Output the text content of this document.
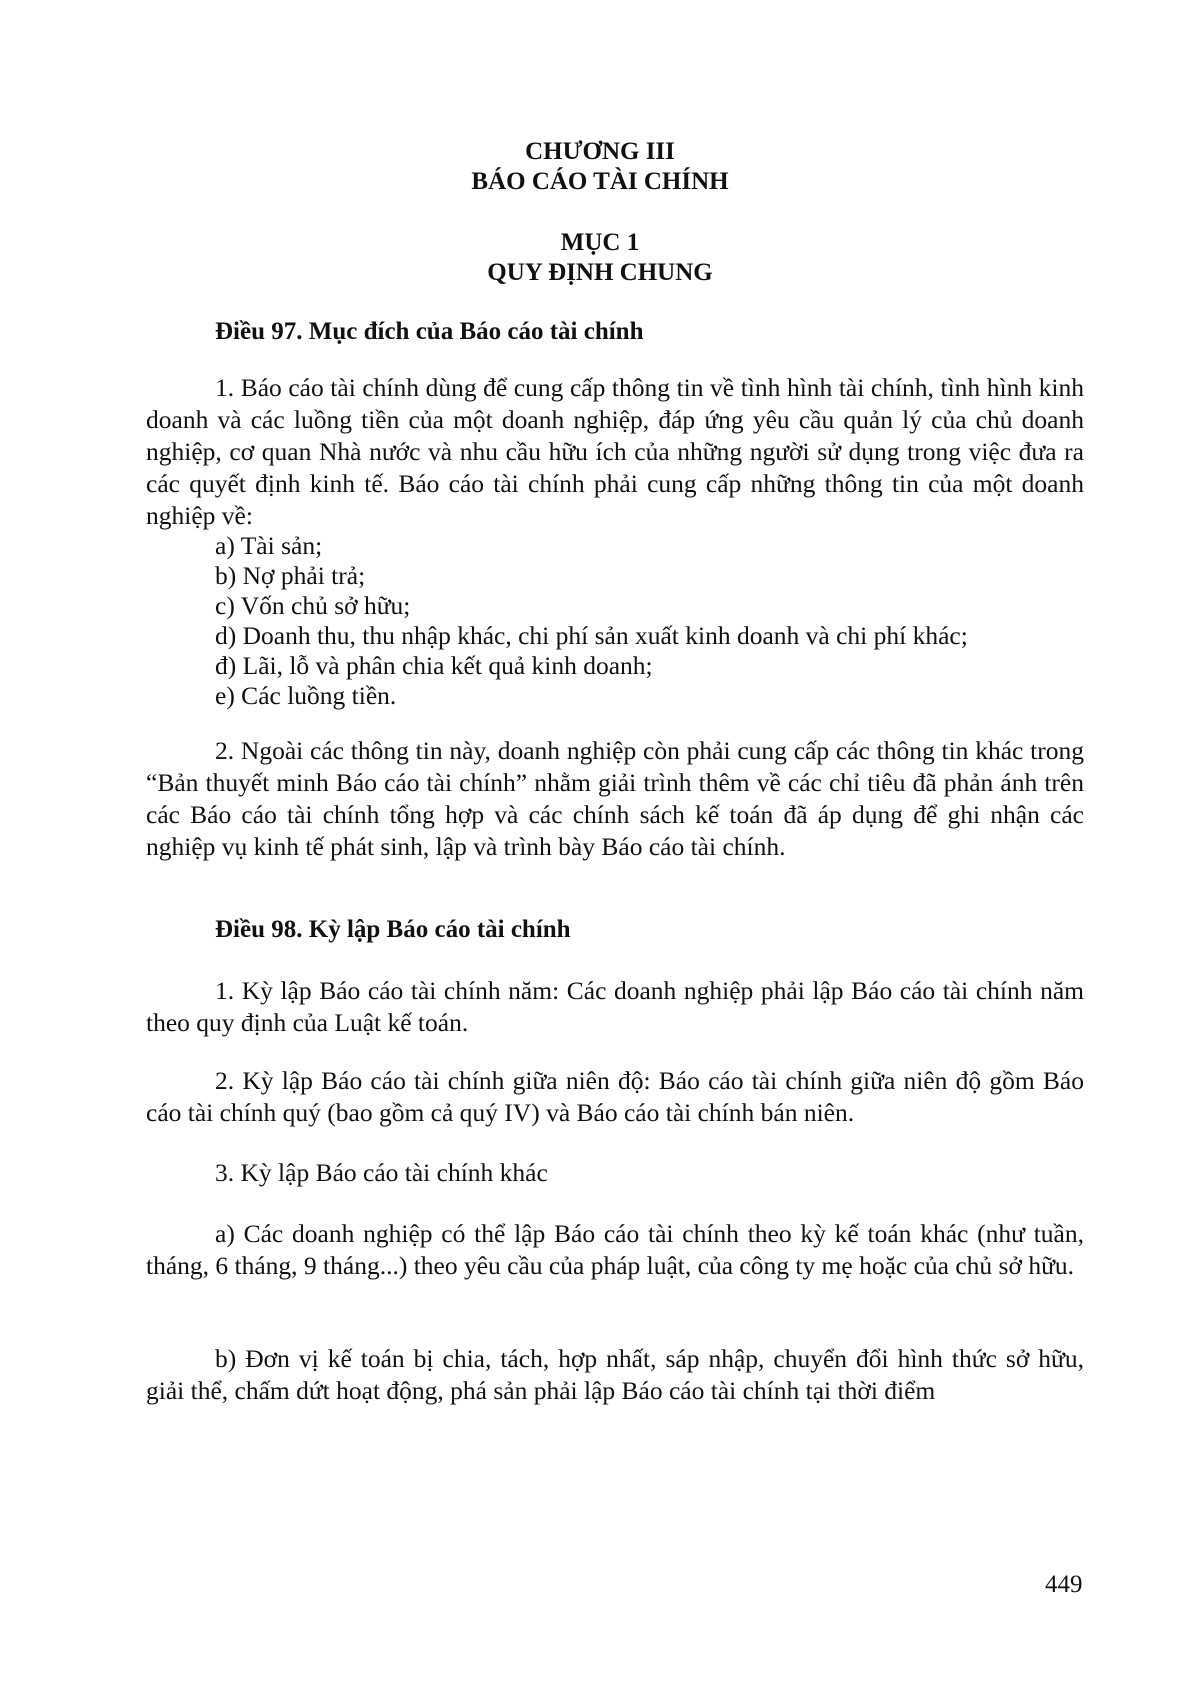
CHƯƠNG III
BÁO CÁO TÀI CHÍNH
MỤC 1
QUY ĐỊNH CHUNG
Điều 97. Mục đích của Báo cáo tài chính

1. Báo cáo tài chính dùng để cung cấp thông tin về tình hình tài chính, tình hình kinh doanh và các luồng tiền của một doanh nghiệp, đáp ứng yêu cầu quản lý của chủ doanh nghiệp, cơ quan Nhà nước và nhu cầu hữu ích của những người sử dụng trong việc đưa ra các quyết định kinh tế. Báo cáo tài chính phải cung cấp những thông tin của một doanh nghiệp về:

a) Tài sản;
b) Nợ phải trả;
c) Vốn chủ sở hữu;
d) Doanh thu, thu nhập khác, chi phí sản xuất kinh doanh và chi phí khác;
đ) Lãi, lỗ và phân chia kết quả kinh doanh;
e) Các luồng tiền.

2. Ngoài các thông tin này, doanh nghiệp còn phải cung cấp các thông tin khác trong “Bản thuyết minh Báo cáo tài chính” nhằm giải trình thêm về các chỉ tiêu đã phản ánh trên các Báo cáo tài chính tổng hợp và các chính sách kế toán đã áp dụng để ghi nhận các nghiệp vụ kinh tế phát sinh, lập và trình bày Báo cáo tài chính.

Điều 98. Kỳ lập Báo cáo tài chính

1. Kỳ lập Báo cáo tài chính năm: Các doanh nghiệp phải lập Báo cáo tài chính năm theo quy định của Luật kế toán.

2. Kỳ lập Báo cáo tài chính giữa niên độ: Báo cáo tài chính giữa niên độ gồm Báo cáo tài chính quý (bao gồm cả quý IV) và Báo cáo tài chính bán niên.

3. Kỳ lập Báo cáo tài chính khác

a) Các doanh nghiệp có thể lập Báo cáo tài chính theo kỳ kế toán khác (như tuần, tháng, 6 tháng, 9 tháng...) theo yêu cầu của pháp luật, của công ty mẹ hoặc của chủ sở hữu.

b) Đơn vị kế toán bị chia, tách, hợp nhất, sáp nhập, chuyển đổi hình thức sở hữu, giải thể, chấm dứt hoạt động, phá sản phải lập Báo cáo tài chính tại thời điểm

449
